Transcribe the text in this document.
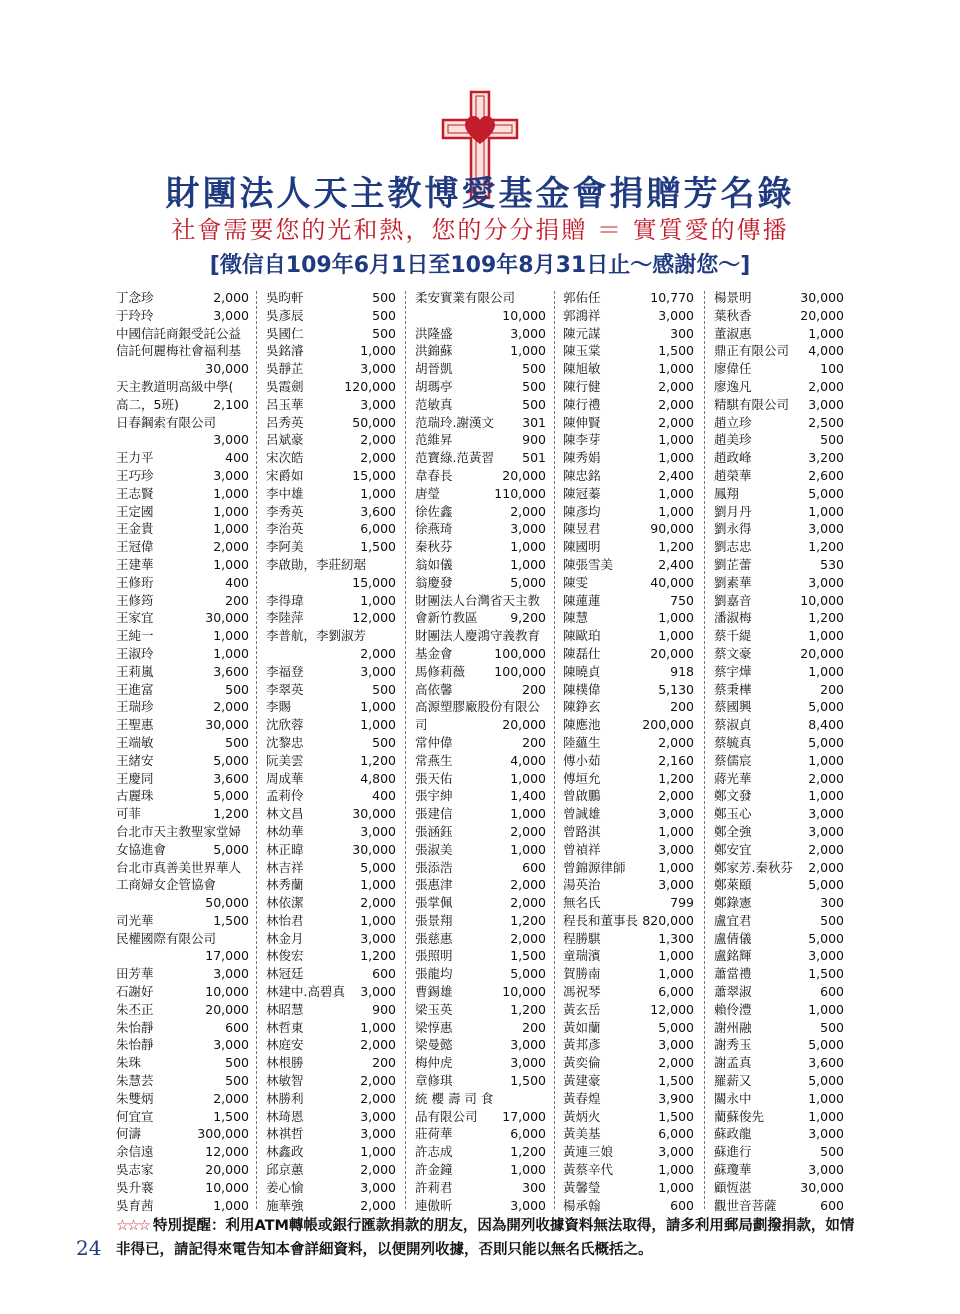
財團法人天主教博愛基金會捐贈芳名錄
社會需要您的光和熱，您的分分捐贈 ＝ 實質愛的傳播
[徵信自109年6月1日至109年8月31日止～感謝您～]
丁念珍	2,000
于玲玲	3,000
中國信託商銀受託公益
信託何麗梅社會福利基
30,000
天主教道明高級中學(
高二，5班)	2,100
日春鋼索有限公司
3,000
王力平	400
王巧珍	3,000
王志賢	1,000
王定國	1,000
王金貴	1,000
王冠偉	2,000
王建華	1,000
王修珩	400
王修筠	200
王家宜	30,000
王純一	1,000
王淑玲	1,000
王莉嵐	3,600
王進富	500
王瑞珍	2,000
王聖惠	30,000
王端敏	500
王緒安	5,000
王慶同	3,600
古麗珠	5,000
可菲	1,200
台北市天主教聖家堂婦
女協進會	5,000
台北市真善美世界華人
工商婦女企管協會
50,000
司光華	1,500
民權國際有限公司
17,000
田芳華	3,000
石謝好	10,000
朱丕正	20,000
朱怡靜	600
朱怡靜	3,000
朱珠	500
朱慧芸	500
朱雙炳	2,000
何宜宣	1,500
何濤	300,000
余信遠	12,000
吳志家	20,000
吳升褰	10,000
吳育茜	1,000
吳昀軒	500
吳彥辰	500
吳國仁	500
吳銘濬	1,000
吳靜芷	3,000
吳霞劍	120,000
呂玉華	3,000
呂秀英	50,000
呂斌豪	2,000
宋次皓	2,000
宋爵如	15,000
李中雄	1,000
李秀英	3,600
李治英	6,000
李阿美	1,500
李啟勛，李莊紉琚
15,000
李得瑋	1,000
李陸萍	12,000
李普航，李劉淑芳
2,000
李福登	3,000
李翠英	500
李賜	1,000
沈欣蓉	1,000
沈黎忠	500
阮美雲	1,200
周成華	4,800
孟莉伶	400
林文昌	30,000
林幼華	3,000
林正暐	30,000
林吉祥	5,000
林秀蘭	1,000
林依潔	2,000
林怡君	1,000
林金月	3,000
林俊宏	1,200
林冠廷	600
林建中.高碧真	3,000
林昭慧	900
林哲東	1,000
林庭安	2,000
林根勝	200
林敏智	2,000
林勝利	2,000
林琦恩	3,000
林祺哲	3,000
林鑫政	1,000
邱京蕙	2,000
姜心愉	3,000
施華強	2,000
柔安實業有限公司
10,000
洪隆盛	3,000
洪錦蘇	1,000
胡晉凱	500
胡瑪亭	500
范敏真	500
范瑞玲.謝漢文	301
范維昇	900
范寶綠.范黃習	501
韋春長	20,000
唐瑩	110,000
徐佐鑫	2,000
徐燕琦	3,000
秦秋芬	1,000
翁如儀	1,000
翁慶發	5,000
財團法人台灣省天主教
會新竹教區	9,200
財團法人慶鴻守義教育
基金會	100,000
馬修莉薇	100,000
高依馨	200
高源塑膠廠股份有限公
司	20,000
常仲偉	200
常燕生	4,000
張天佑	1,000
張宇紳	1,400
張建信	1,000
張涵鈺	2,000
張淑美	1,000
張添浩	600
張惠津	2,000
張掌佩	2,000
張景翔	1,200
張慈惠	2,000
張照明	1,500
張龍均	5,000
曹錫雄	10,000
梁玉英	1,200
梁惇惠	200
梁曼懿	3,000
梅仲虎	3,000
章修琪	1,500
統 櫻 壽 司 食
品有限公司	17,000
莊荷華	6,000
許志成	1,200
許金鐘	1,000
許莉君	300
連傲昕	3,000
郭佑任	10,770
郭鴻祥	3,000
陳元謀	300
陳玉棠	1,500
陳旭敏	1,000
陳行健	2,000
陳行禮	2,000
陳伸賢	2,000
陳李芽	1,000
陳秀娟	1,000
陳忠銘	2,400
陳冠蓁	1,000
陳彥均	1,000
陳昱君	90,000
陳國明	1,200
陳張雪美	2,400
陳雯	40,000
陳蓮蓮	750
陳慧	1,000
陳歐珀	1,000
陳磊仕	20,000
陳曉貞	918
陳樸偉	5,130
陳錚玄	200
陳應池	200,000
陸蘊生	2,000
傅小茹	2,160
傅垣允	1,200
曾啟鵬	2,000
曾誠雄	3,000
曾路淇	1,000
曾禎祥	3,000
曾錦源律師	1,000
湯英治	3,000
無名氏	799
程長和董事長 820,000
程勝騏	1,300
童瑞濱	1,000
賀勝南	1,000
馮祝琴	6,000
黃玄岳	12,000
黃如蘭	5,000
黃邦彥	3,000
黃奕倫	2,000
黃建豪	1,500
黃春煌	3,900
黃炳火	1,500
黃美基	6,000
黃連三娘	3,000
黃蔡辛代	1,000
黃馨瑩	1,000
楊承翰	600
楊景明	30,000
葉秋香	20,000
董淑惠	1,000
鼎正有限公司	4,000
廖偉任	100
廖逸凡	2,000
精騏有限公司	3,000
趙立珍	2,500
趙美珍	500
趙政峰	3,200
趙榮華	2,600
鳳翔	5,000
劉月丹	1,000
劉永得	3,000
劉志忠	1,200
劉芷蕾	530
劉素華	3,000
劉嘉音	10,000
潘淑梅	1,200
蔡千緹	1,000
蔡文豪	20,000
蔡宇燁	1,000
蔡秉樺	200
蔡國興	5,000
蔡淑貞	8,400
蔡毓真	5,000
蔡儒宸	1,000
蔣光華	2,000
鄭文發	1,000
鄭玉心	3,000
鄭全強	3,000
鄭安宜	2,000
鄭家芳.秦秋芬	2,000
鄭萊頤	5,000
鄭錄憲	300
盧宜君	500
盧倩儀	5,000
盧銘輝	3,000
蕭當禮	1,500
蕭翠淑	600
賴伶澧	1,000
謝州融	500
謝秀玉	5,000
謝孟真	3,600
羅薪又	5,000
關永中	1,000
藺蘇俊先	1,000
蘇政龍	3,000
蘇進行	500
蘇瓊華	3,000
顧恆湛	30,000
觀世音菩薩	600
☆☆☆ 特別提醒：利用ATM轉帳或銀行匯款捐款的朋友，因為開列收據資料無法取得，請多利用郵局劃撥捐款，如情非得已，請記得來電告知本會詳細資料，以便開列收據，否則只能以無名氏概括之。
24
